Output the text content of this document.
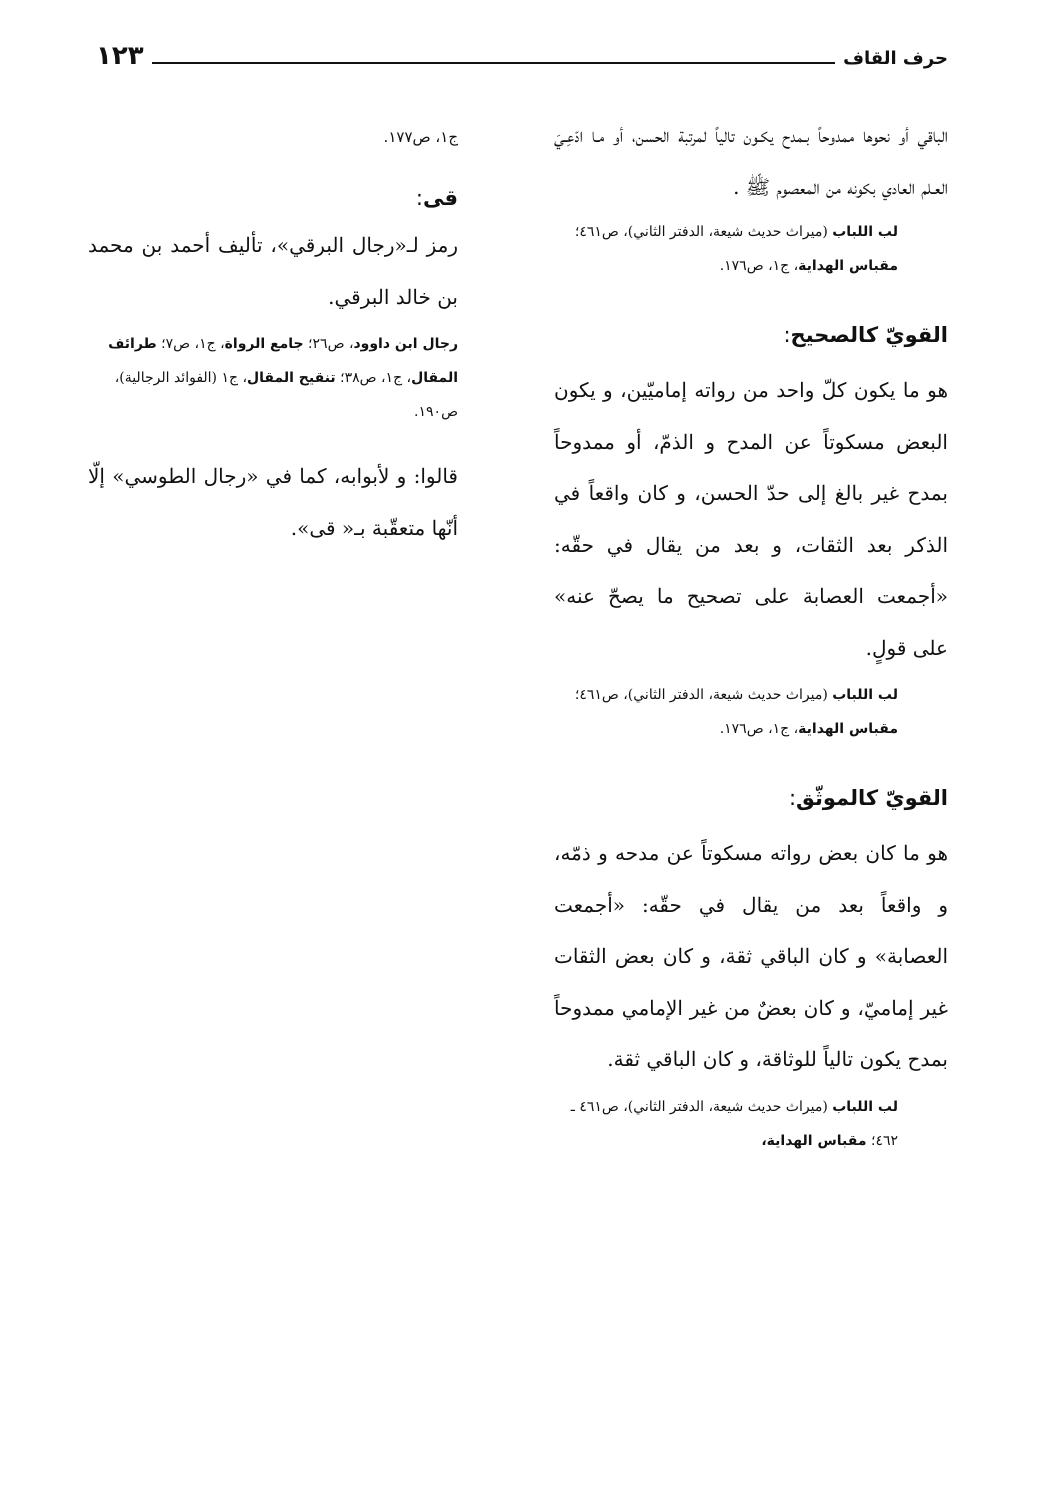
حرف القاف
١٢٣

الباقي أو نحوها ممدوحاً بـمدح يكـون تالياً لمرتبة الحسن، أو مـا ادّعِـيَ العـلم العادي بكونه من المعصوم ﷺ .

لب اللباب (ميراث حديث شيعة، الدفتر الثاني)، ص٤٦١؛ مقباس الهداية، ج١، ص١٧٦.

القويّ كالصحيح:

هو ما يكون كلّ واحد من رواته إماميّين، و يكون البعض مسكوتاً عن المدح و الذمّ، أو ممدوحاً بمدح غير بالغ إلى حدّ الحسن، و كان واقعاً في الذكر بعد الثقات، و بعد من يقال في حقّه: «أجمعت العصابة على تصحيح ما يصحّ عنه» على قولٍ.

لب اللباب (ميراث حديث شيعة، الدفتر الثاني)، ص٤٦١؛ مقباس الهداية، ج١، ص١٧٦.

القويّ كالموثّق:

هو ما كان بعض رواته مسكوتاً عن مدحه و ذمّه، و واقعاً بعد من يقال في حقّه: «أجمعت العصابة» و كان الباقي ثقة، و كان بعض الثقات غير إماميّ، و كان بعضٌ من غير الإمامي ممدوحاً بمدح يكون تالياً للوثاقة، و كان الباقي ثقة.

لب اللباب (ميراث حديث شيعة، الدفتر الثاني)، ص٤٦١ ـ ٤٦٢؛ مقباس الهداية،

ج١، ص١٧٧.

قى:

رمز لـ«رجال البرقي»، تأليف أحمد بن محمد بن خالد البرقي.

رجال ابن داوود، ص٢٦؛ جامع الرواة، ج١، ص٧؛ طرائف المقال، ج١، ص٣٨؛ تنقيح المقال، ج١ (الفوائد الرجالية)، ص١٩٠.

قالوا: و لأبوابه، كما في «رجال الطوسي» إلّا أنّها متعقّبة بـ« قى».
